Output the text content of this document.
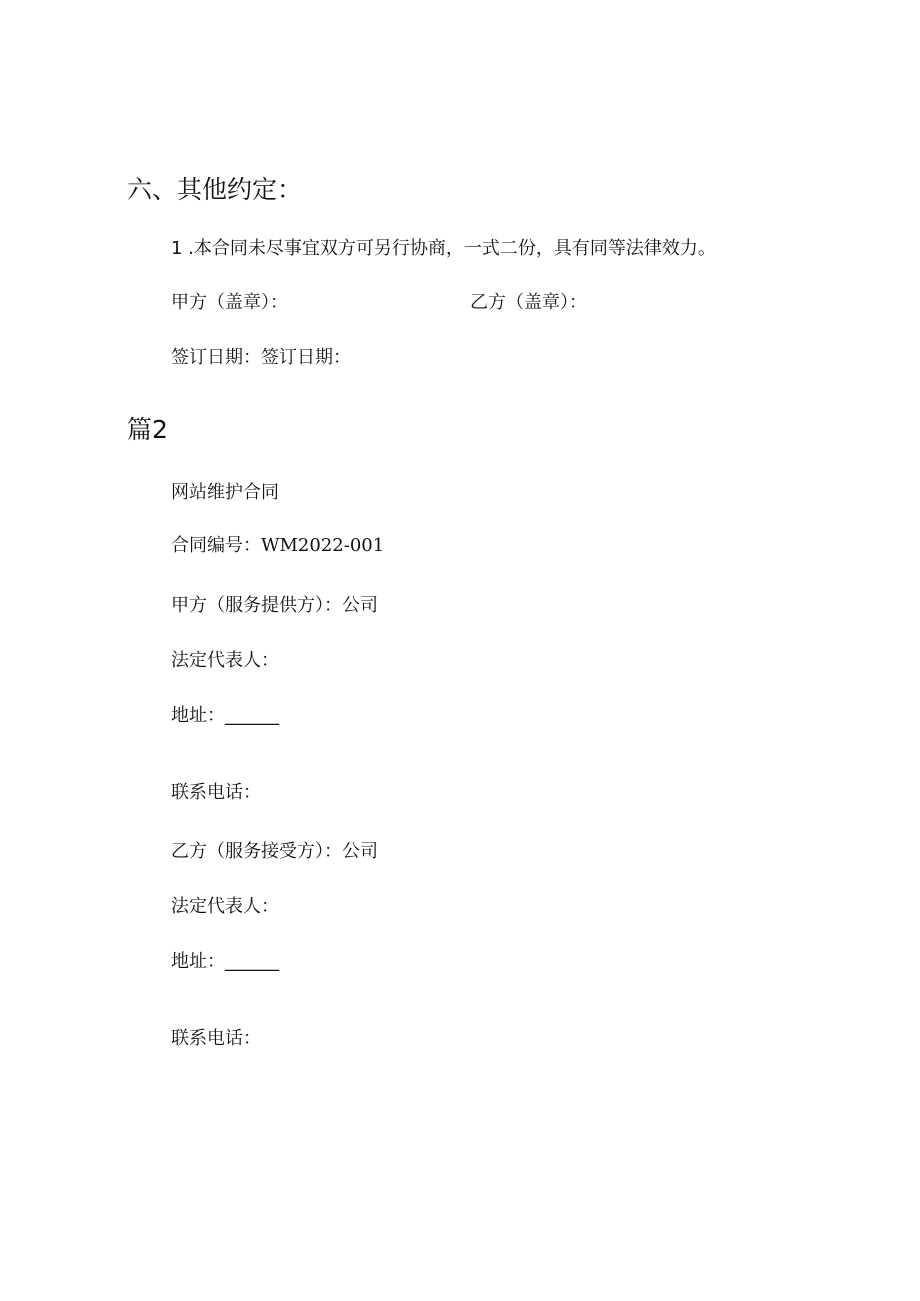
六、其他约定：
1 .本合同未尽事宜双方可另行协商，一式二份，具有同等法律效力。
甲方（盖章）：	乙方（盖章）：
签订日期：签订日期：
篇2
网站维护合同
合同编号：WM2022-001
甲方（服务提供方）：公司
法定代表人：
地址：______
联系电话：
乙方（服务接受方）：公司
法定代表人：
地址：______
联系电话：
